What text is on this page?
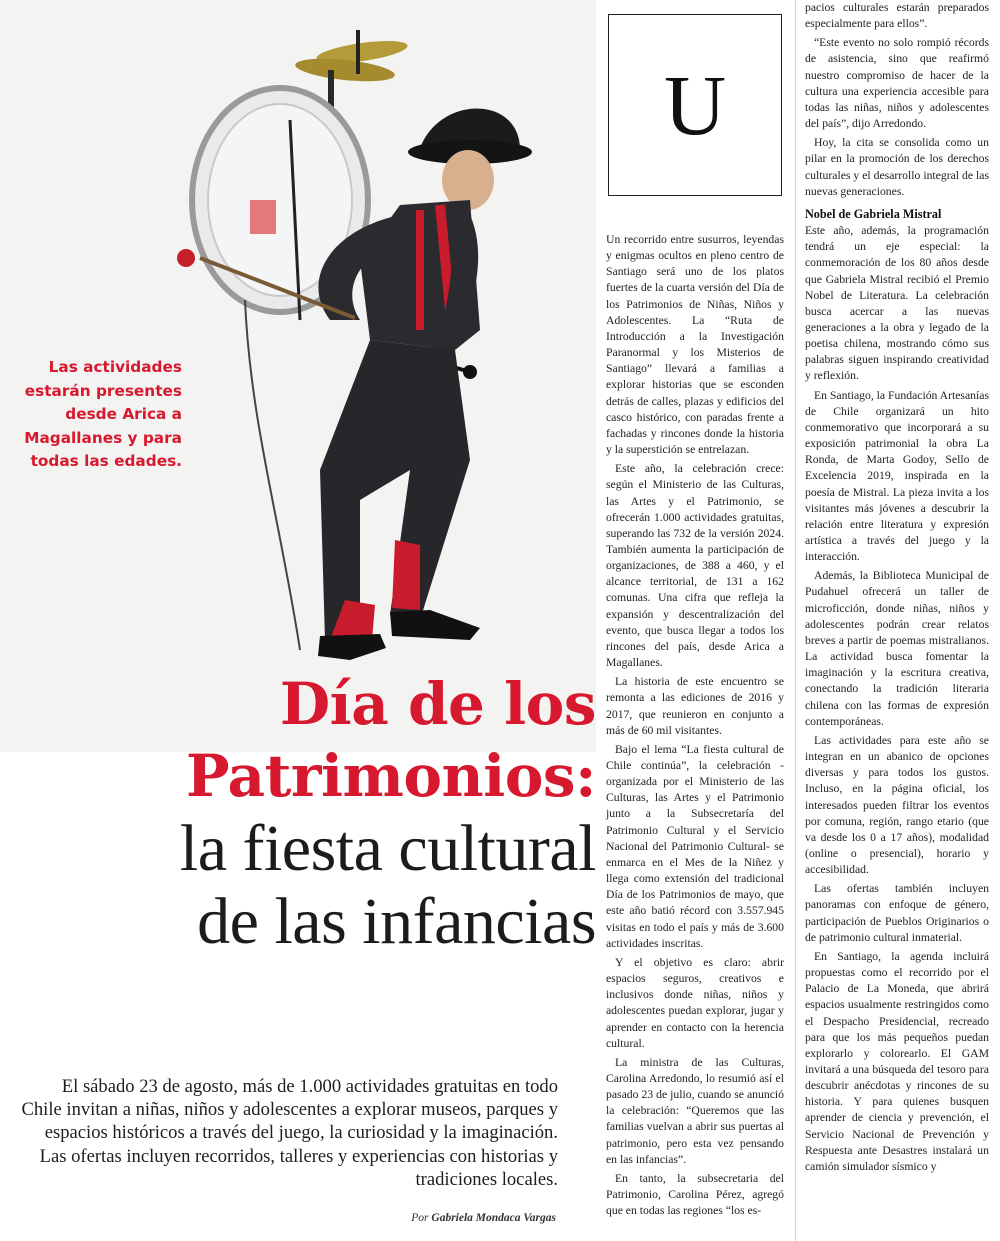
Las actividades estarán presentes desde Arica a Magallanes y para todas las edades.
Día de los
Patrimonios:
la fiesta cultural
de las infancias
El sábado 23 de agosto, más de 1.000 actividades gratuitas en todo Chile invitan a niñas, niños y adolescentes a explorar museos, parques y espacios históricos a través del juego, la curiosidad y la imaginación. Las ofertas incluyen recorridos, talleres y experiencias con historias y tradiciones locales.
Por Gabriela Mondaca Vargas
U

Un recorrido entre susurros, leyendas y enigmas ocultos en pleno centro de Santiago será uno de los platos fuertes de la cuarta versión del Día de los Patrimonios de Niñas, Niños y Adolescentes. La “Ruta de Introducción a la Investigación Paranormal y los Misterios de Santiago” llevará a familias a explorar historias que se esconden detrás de calles, plazas y edificios del casco histórico, con paradas frente a fachadas y rincones donde la historia y la superstición se entrelazan.

Este año, la celebración crece: según el Ministerio de las Culturas, las Artes y el Patrimonio, se ofrecerán 1.000 actividades gratuitas, superando las 732 de la versión 2024. También aumenta la participación de organizaciones, de 388 a 460, y el alcance territorial, de 131 a 162 comunas. Una cifra que refleja la expansión y descentralización del evento, que busca llegar a todos los rincones del país, desde Arica a Magallanes.

La historia de este encuentro se remonta a las ediciones de 2016 y 2017, que reunieron en conjunto a más de 60 mil visitantes.

Bajo el lema “La fiesta cultural de Chile continúa”, la celebración -organizada por el Ministerio de las Culturas, las Artes y el Patrimonio junto a la Subsecretaría del Patrimonio Cultural y el Servicio Nacional del Patrimonio Cultural- se enmarca en el Mes de la Niñez y llega como extensión del tradicional Día de los Patrimonios de mayo, que este año batió récord con 3.557.945 visitas en todo el país y más de 3.600 actividades inscritas.

Y el objetivo es claro: abrir espacios seguros, creativos e inclusivos donde niñas, niños y adolescentes puedan explorar, jugar y aprender en contacto con la herencia cultural.

La ministra de las Culturas, Carolina Arredondo, lo resumió así el pasado 23 de julio, cuando se anunció la celebración: “Queremos que las familias vuelvan a abrir sus puertas al patrimonio, pero esta vez pensando en las infancias”.

En tanto, la subsecretaria del Patrimonio, Carolina Pérez, agregó que en todas las regiones “los es-

pacios culturales estarán preparados especialmente para ellos”.

“Este evento no solo rompió récords de asistencia, sino que reafirmó nuestro compromiso de hacer de la cultura una experiencia accesible para todas las niñas, niños y adolescentes del país”, dijo Arredondo.

Hoy, la cita se consolida como un pilar en la promoción de los derechos culturales y el desarrollo integral de las nuevas generaciones.

Nobel de Gabriela Mistral

Este año, además, la programación tendrá un eje especial: la conmemoración de los 80 años desde que Gabriela Mistral recibió el Premio Nobel de Literatura. La celebración busca acercar a las nuevas generaciones a la obra y legado de la poetisa chilena, mostrando cómo sus palabras siguen inspirando creatividad y reflexión.

En Santiago, la Fundación Artesanías de Chile organizará un hito conmemorativo que incorporará a su exposición patrimonial la obra La Ronda, de Marta Godoy, Sello de Excelencia 2019, inspirada en la poesía de Mistral. La pieza invita a los visitantes más jóvenes a descubrir la relación entre literatura y expresión artística a través del juego y la interacción.

Además, la Biblioteca Municipal de Pudahuel ofrecerá un taller de microficción, donde niñas, niños y adolescentes podrán crear relatos breves a partir de poemas mistralianos. La actividad busca fomentar la imaginación y la escritura creativa, conectando la tradición literaria chilena con las formas de expresión contemporáneas.

Las actividades para este año se integran en un abanico de opciones diversas y para todos los gustos. Incluso, en la página oficial, los interesados pueden filtrar los eventos por comuna, región, rango etario (que va desde los 0 a 17 años), modalidad (online o presencial), horario y accesibilidad.

Las ofertas también incluyen panoramas con enfoque de género, participación de Pueblos Originarios o de patrimonio cultural inmaterial.

En Santiago, la agenda incluirá propuestas como el recorrido por el Palacio de La Moneda, que abrirá espacios usualmente restringidos como el Despacho Presidencial, recreado para que los más pequeños puedan explorarlo y colorearlo. El GAM invitará a una búsqueda del tesoro para descubrir anécdotas y rincones de su historia. Y para quienes busquen aprender de ciencia y prevención, el Servicio Nacional de Prevención y Respuesta ante Desastres instalará un camión simulador sísmico y
